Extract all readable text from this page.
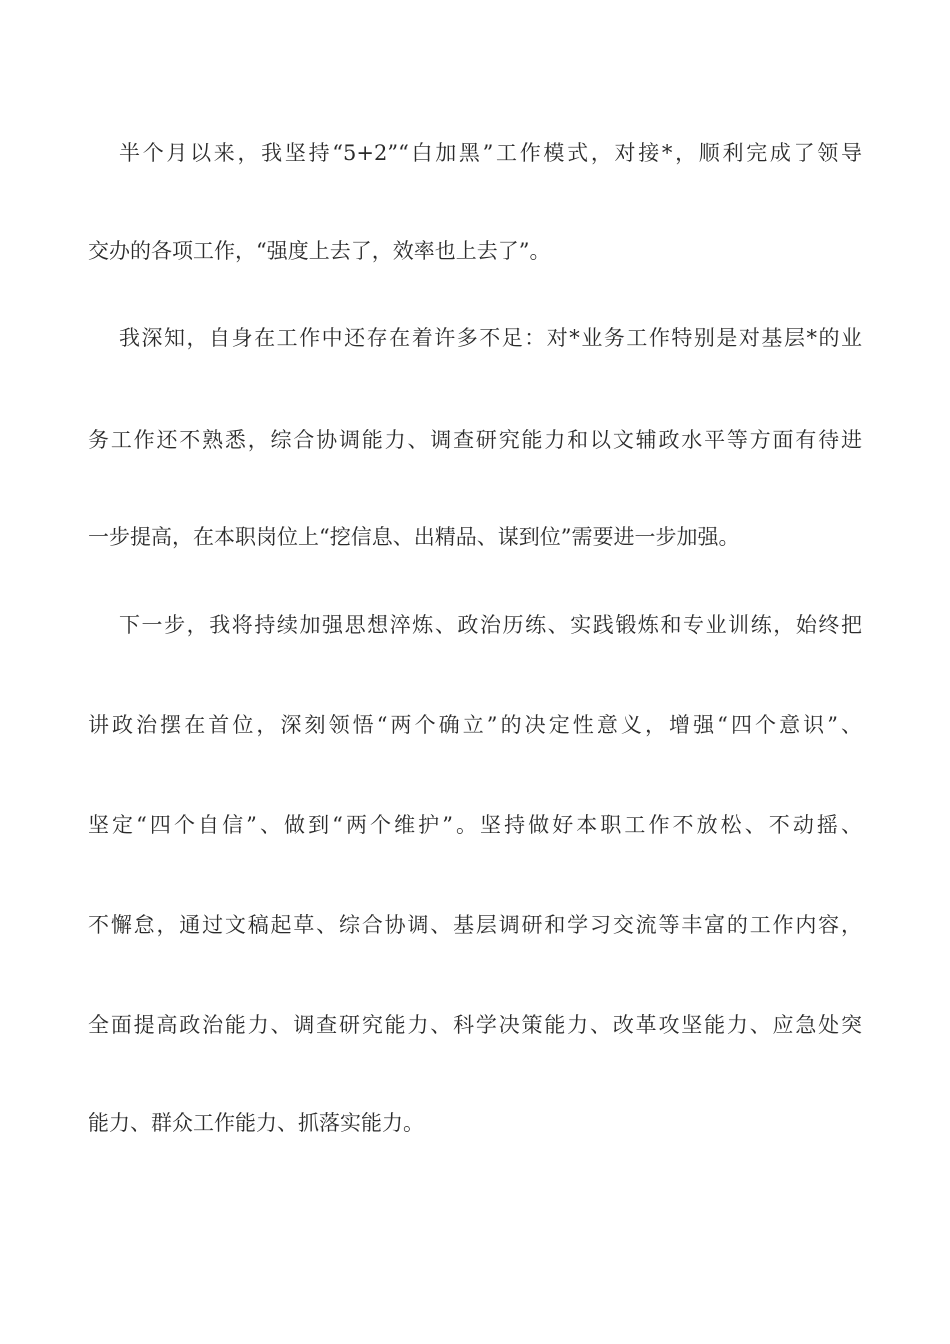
半个月以来，我坚持“5+2”“白加黑”工作模式，对接*，顺利完成了领导
交办的各项工作，“强度上去了，效率也上去了”。
我深知，自身在工作中还存在着许多不足：对*业务工作特别是对基层*的业
务工作还不熟悉，综合协调能力、调查研究能力和以文辅政水平等方面有待进
一步提高，在本职岗位上“挖信息、出精品、谋到位”需要进一步加强。
下一步，我将持续加强思想淬炼、政治历练、实践锻炼和专业训练，始终把
讲政治摆在首位，深刻领悟“两个确立”的决定性意义，增强“四个意识”、
坚定“四个自信”、做到“两个维护”。坚持做好本职工作不放松、不动摇、
不懈怠，通过文稿起草、综合协调、基层调研和学习交流等丰富的工作内容，
全面提高政治能力、调查研究能力、科学决策能力、改革攻坚能力、应急处突
能力、群众工作能力、抓落实能力。
